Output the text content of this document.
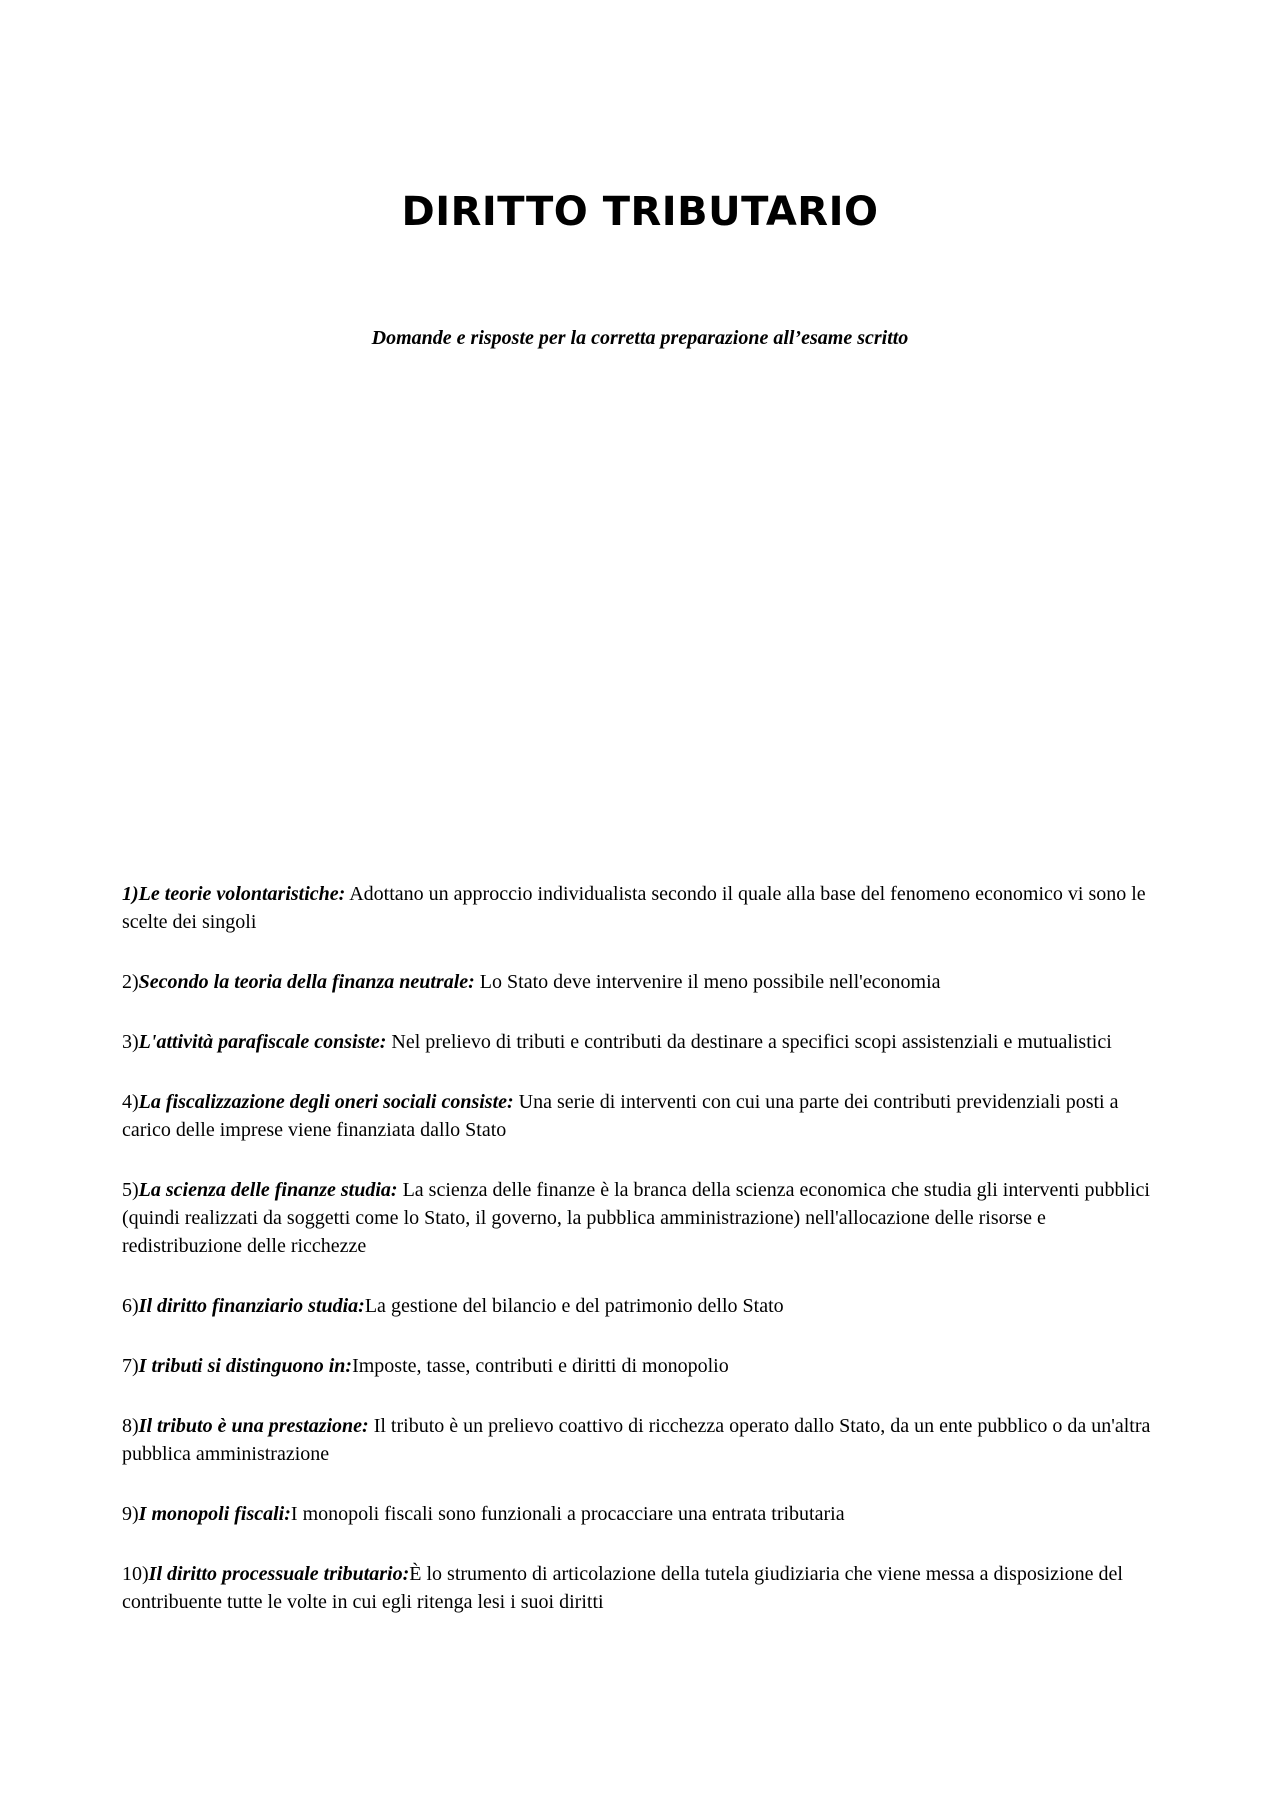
DIRITTO TRIBUTARIO
Domande e risposte per la corretta preparazione all’esame scritto

1)Le teorie volontaristiche: Adottano un approccio individualista secondo il quale alla base del fenomeno economico vi sono le scelte dei singoli

2)Secondo la teoria della finanza neutrale: Lo Stato deve intervenire il meno possibile nell'economia

3)L'attività parafiscale consiste: Nel prelievo di tributi e contributi da destinare a specifici scopi assistenziali e mutualistici

4)La fiscalizzazione degli oneri sociali consiste: Una serie di interventi con cui una parte dei contributi previdenziali posti a carico delle imprese viene finanziata dallo Stato

5)La scienza delle finanze studia: La scienza delle finanze è la branca della scienza economica che studia gli interventi pubblici (quindi realizzati da soggetti come lo Stato, il governo, la pubblica amministrazione) nell'allocazione delle risorse e redistribuzione delle ricchezze

6)Il diritto finanziario studia:La gestione del bilancio e del patrimonio dello Stato

7)I tributi si distinguono in:Imposte, tasse, contributi e diritti di monopolio

8)Il tributo è una prestazione: Il tributo è un prelievo coattivo di ricchezza operato dallo Stato, da un ente pubblico o da un'altra pubblica amministrazione

9)I monopoli fiscali:I monopoli fiscali sono funzionali a procacciare una entrata tributaria

10)Il diritto processuale tributario:È lo strumento di articolazione della tutela giudiziaria che viene messa a disposizione del contribuente tutte le volte in cui egli ritenga lesi i suoi diritti
